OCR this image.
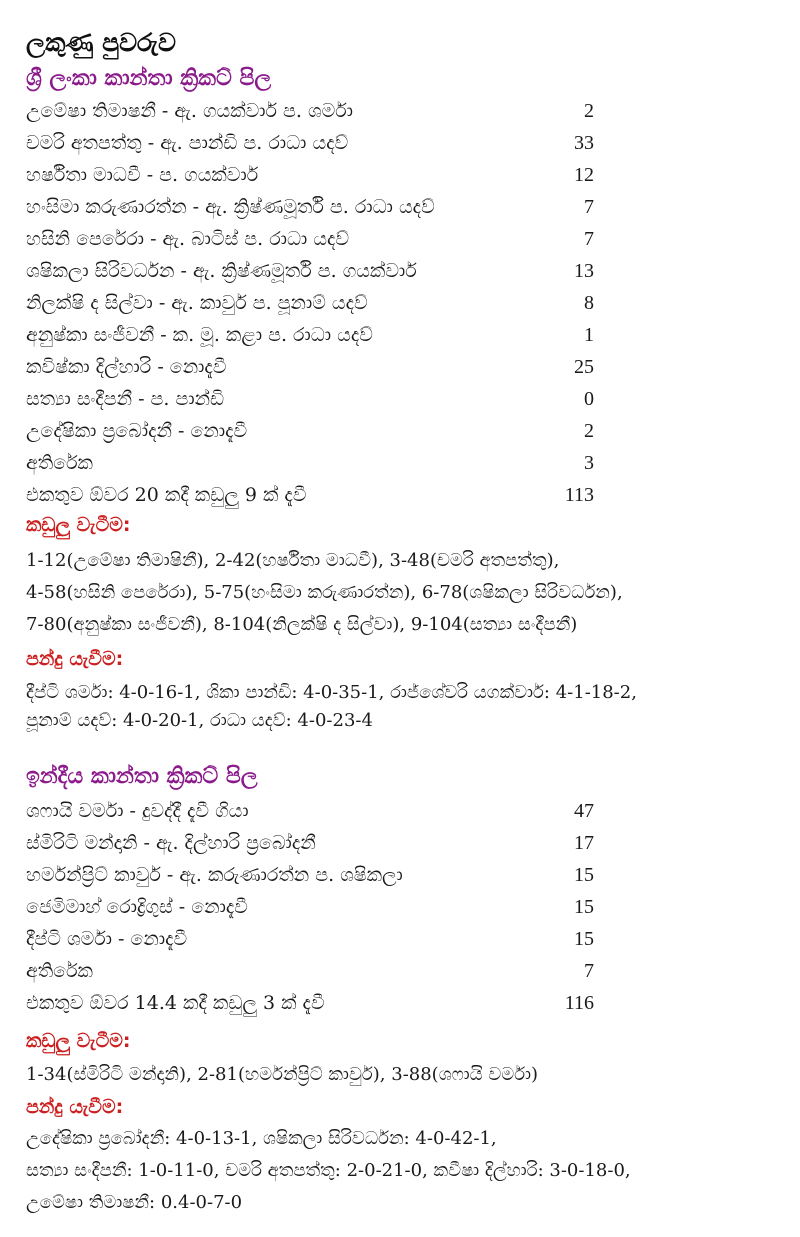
ලකුණු පුවරුව
ශ්‍රී ලංකා කාන්තා ක්‍රිකට් පිල
උමේෂා තිමාෂනී - ඇ. ගයක්වාර් ප. ශර්මා	2
චමරි අතපත්තු - ඇ. පාන්ඩි ප. රාධා යදව්	33
හර්ෂිතා මාධවී - ප. ගයක්වාර්	12
හංසිමා කරුණාරත්න - ඇ. ක්‍රිෂ්ණමූර්ති ප. රාධා යදව්	7
හසිනි පෙරේරා - ඇ. බාටිස් ප. රාධා යදව්	7
ශෂිකලා සිරිවර්ධන - ඇ. ක්‍රිෂ්ණමූර්ති ප. ගයක්වාර්	13
නිලක්ෂි ද සිල්වා - ඇ. කාවුර් ප. පූනාම් යදව්	8
අනුෂ්කා සංජීවනී - ක. මූ. කළා ප. රාධා යදව්	1
කවිෂ්කා දිල්හාරි - නොදැවී	25
සත්‍යා සංදීපනී - ප. පාන්ඩි	0
උදේෂිකා ප්‍රබෝදනී - නොදැවී	2
අතිරේක	3
එකතුව ඕවර 20 කදී කඩුලු 9 ක් දැවී	113
කඩුලු වැටීම:
1-12(උමේෂා තිමාෂිනී), 2-42(හර්ෂිතා මාධවී), 3-48(චමරි අතපත්තු),
4-58(හසිනි පෙරේරා), 5-75(හංසිමා කරුණාරත්න), 6-78(ශෂිකලා සිරිවර්ධන),
7-80(අනුෂ්කා සංජීවනී), 8-104(නිලක්ෂි ද සිල්වා), 9-104(සත්‍යා සංදීපනී)
පන්දු යැවීම:
දීප්ටි ශර්මා: 4-0-16-1, ශිකා පාන්ඩි: 4-0-35-1, රාජ්ශේවරි යගක්වාර්: 4-1-18-2,
පූනාම් යදව්: 4-0-20-1, රාධා යදව්: 4-0-23-4
ඉන්දීය කාන්තා ක්‍රිකට් පිල
ශෆායි වර්මා - දුවද්දී දැවී ගියා	47
ස්මිරිටි මන්දානි - ඇ. දිල්හාරි ප්‍රබෝදනී	17
හර්මන්ප්‍රිට් කාවුර් - ඇ. කරුණාරත්න ප. ශෂිකලා	15
ජෙමිමාහ් රොද්‍රිගුස් - නොදැවී	15
දීප්ටි ශර්මා - නොදැවී	15
අතිරේක	7
එකතුව ඕවර 14.4 කදී කඩුලු 3 ක් දැවී	116
කඩුලු වැටීම:
1-34(ස්මිරිටි මන්දානි), 2-81(හර්මන්ප්‍රිට් කාවුර්), 3-88(ශෆායි වර්මා)
පන්දු යැවීම:
උදේෂිකා ප්‍රබෝදනී: 4-0-13-1, ශෂිකලා සිරිවර්ධන: 4-0-42-1,
සත්‍යා සංදීපනී: 1-0-11-0, චමරි අතපත්තු: 2-0-21-0, කවීෂා දිල්හාරි: 3-0-18-0,
උමේෂා තිමාෂනී: 0.4-0-7-0
